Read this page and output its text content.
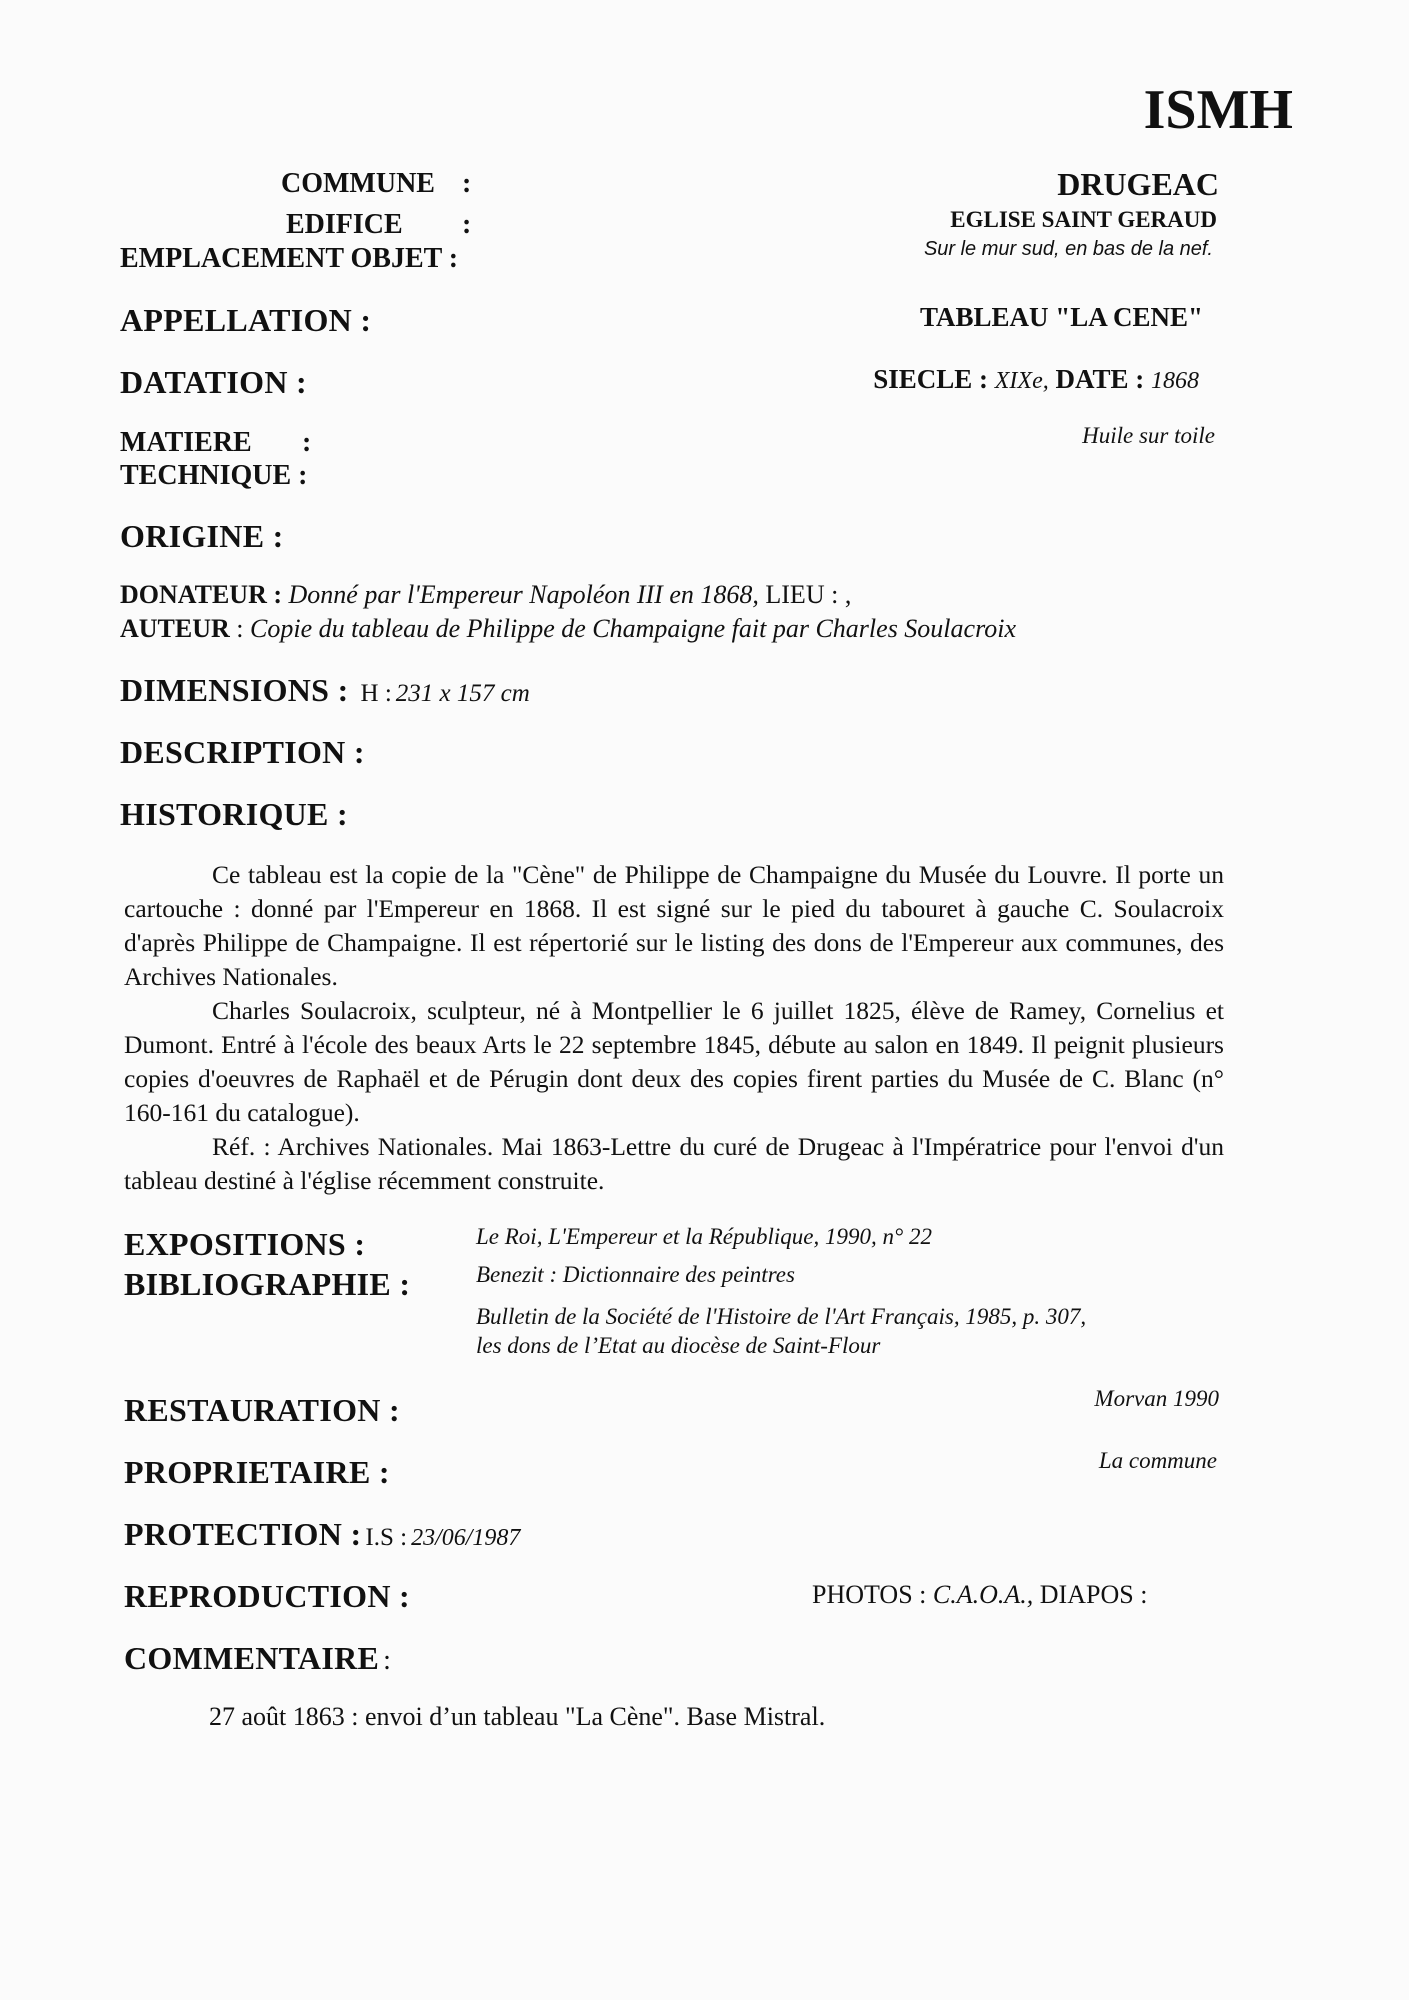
ISMH
COMMUNE :	DRUGEAC
EDIFICE :	EGLISE SAINT GERAUD
EMPLACEMENT OBJET :	Sur le mur sud, en bas de la nef.
APPELLATION :	TABLEAU "LA CENE"
DATATION :	SIECLE : XIXe, DATE : 1868
MATIERE :	Huile sur toile
TECHNIQUE :
ORIGINE :
DONATEUR : Donné par l'Empereur Napoléon III en 1868, LIEU : ,
AUTEUR : Copie du tableau de Philippe de Champaigne fait par Charles Soulacroix
DIMENSIONS : H : 231 x 157 cm
DESCRIPTION :
HISTORIQUE :

Ce tableau est la copie de la "Cène" de Philippe de Champaigne du Musée du Louvre. Il porte un cartouche : donné par l'Empereur en 1868. Il est signé sur le pied du tabouret à gauche C. Soulacroix d'après Philippe de Champaigne. Il est répertorié sur le listing des dons de l'Empereur aux communes, des Archives Nationales.

Charles Soulacroix, sculpteur, né à Montpellier le 6 juillet 1825, élève de Ramey, Cornelius et Dumont. Entré à l'école des beaux Arts le 22 septembre 1845, débute au salon en 1849. Il peignit plusieurs copies d'oeuvres de Raphaël et de Pérugin dont deux des copies firent parties du Musée de C. Blanc (n° 160-161 du catalogue).

Réf. : Archives Nationales. Mai 1863-Lettre du curé de Drugeac à l'Impératrice pour l'envoi d'un tableau destiné à l'église récemment construite.

EXPOSITIONS :	Le Roi, L'Empereur et la République, 1990, n° 22
BIBLIOGRAPHIE :	Benezit : Dictionnaire des peintres
Bulletin de la Société de l'Histoire de l'Art Français, 1985, p. 307,
les dons de l’Etat au diocèse de Saint-Flour
RESTAURATION :	Morvan 1990
PROPRIETAIRE :	La commune
PROTECTION : I.S : 23/06/1987
REPRODUCTION :	PHOTOS : C.A.O.A., DIAPOS :
COMMENTAIRE :
27 août 1863 : envoi d’un tableau "La Cène". Base Mistral.
